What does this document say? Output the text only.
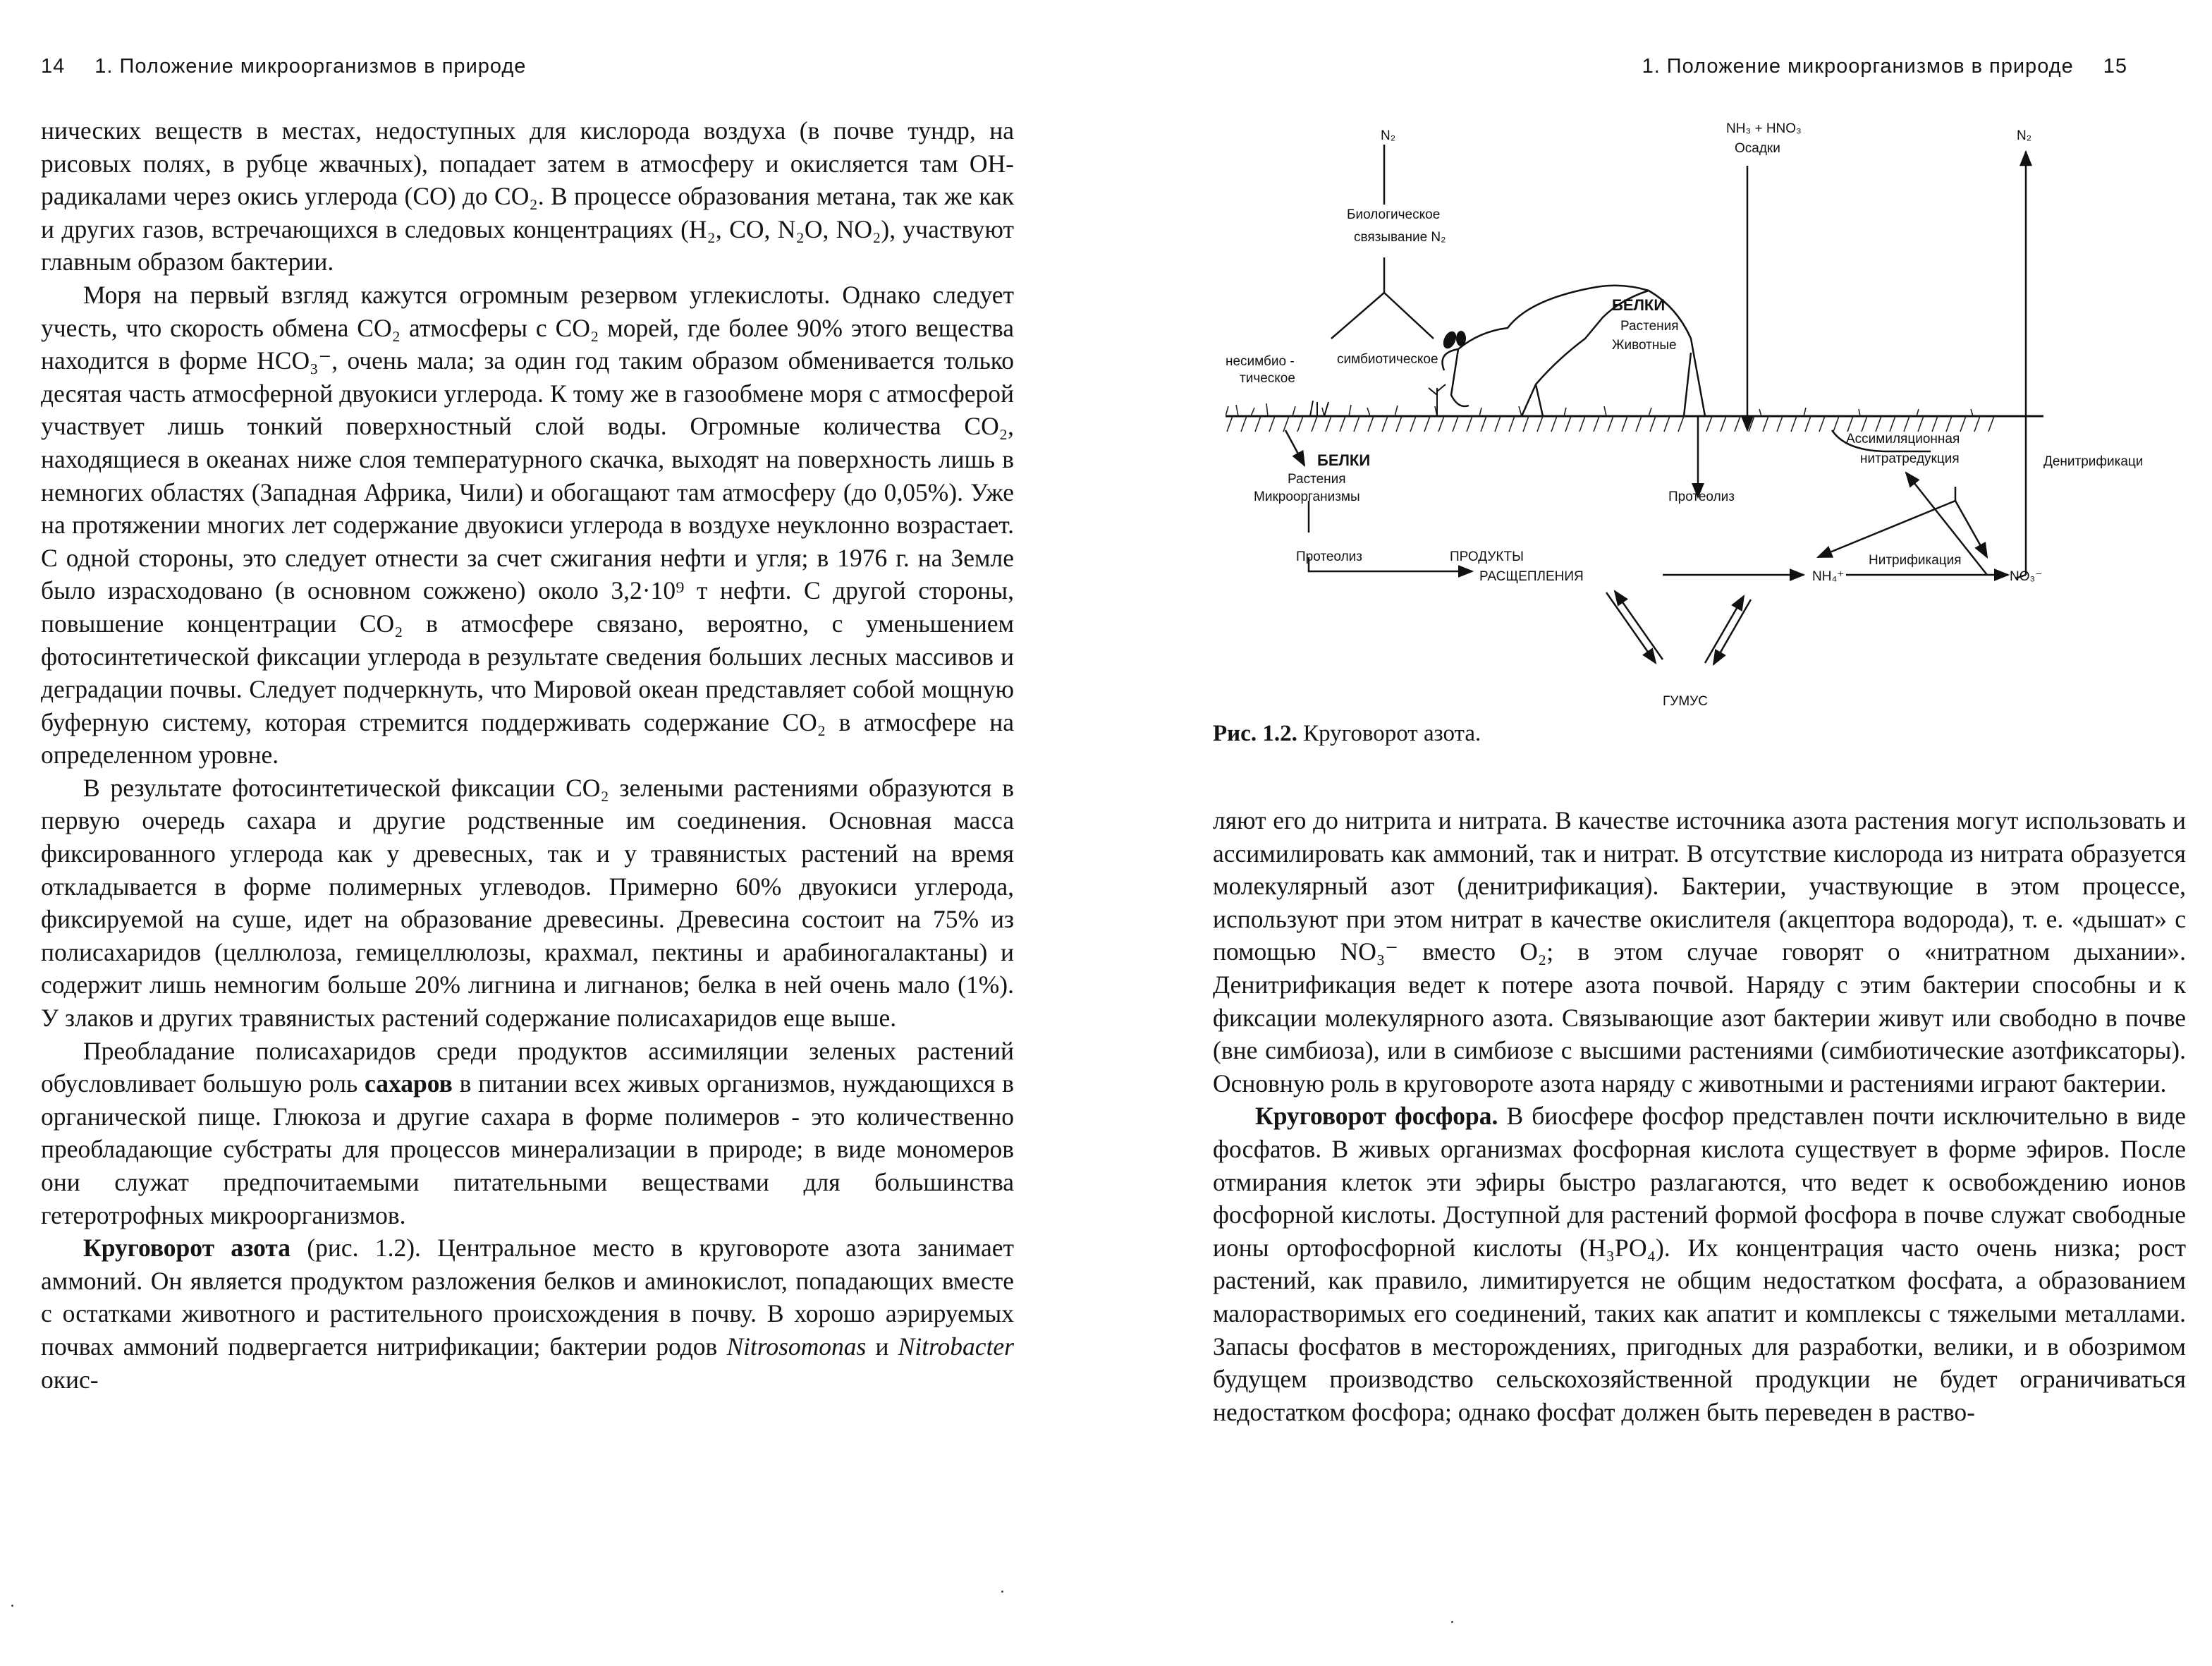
14 1. Положение микроорганизмов в природе

нических веществ в местах, недоступных для кислорода воздуха (в почве тундр, на рисовых полях, в рубце жвачных), попадает затем в атмосферу и окисляется там ОН-радикалами через окись углерода (СО) до СО₂. В процессе образования метана, так же как и других газов, встречающихся в следовых концентрациях (Н₂, СО, N₂O, NO₂), участвуют главным образом бактерии.

Моря на первый взгляд кажутся огромным резервом углекислоты. Однако следует учесть, что скорость обмена СО₂ атмосферы с СО₂ морей, где более 90% этого вещества находится в форме НСО₃⁻, очень мала; за один год таким образом обменивается только десятая часть атмосферной двуокиси углерода. К тому же в газообмене моря с атмосферой участвует лишь тонкий поверхностный слой воды. Огромные количества СО₂, находящиеся в океанах ниже слоя температурного скачка, выходят на поверхность лишь в немногих областях (Западная Африка, Чили) и обогащают там атмосферу (до 0,05%). Уже на протяжении многих лет содержание двуокиси углерода в воздухе неуклонно возрастает. С одной стороны, это следует отнести за счет сжигания нефти и угля; в 1976 г. на Земле было израсходовано (в основном сожжено) около 3,2·10⁹ т нефти. С другой стороны, повышение концентрации СО₂ в атмосфере связано, вероятно, с уменьшением фотосинтетической фиксации углерода в результате сведения больших лесных массивов и деградации почвы. Следует подчеркнуть, что Мировой океан представляет собой мощную буферную систему, которая стремится поддерживать содержание СО₂ в атмосфере на определенном уровне.

В результате фотосинтетической фиксации СО₂ зелеными растениями образуются в первую очередь сахара и другие родственные им соединения. Основная масса фиксированного углерода как у древесных, так и у травянистых растений на время откладывается в форме полимерных углеводов. Примерно 60% двуокиси углерода, фиксируемой на суше, идет на образование древесины. Древесина состоит на 75% из полисахаридов (целлюлоза, гемицеллюлозы, крахмал, пектины и арабиногалактаны) и содержит лишь немногим больше 20% лигнина и лигнанов; белка в ней очень мало (1%). У злаков и других травянистых растений содержание полисахаридов еще выше.

Преобладание полисахаридов среди продуктов ассимиляции зеленых растений обусловливает большую роль сахаров в питании всех живых организмов, нуждающихся в органической пище. Глюкоза и другие сахара в форме полимеров - это количественно преобладающие субстраты для процессов минерализации в природе; в виде мономеров они служат предпочитаемыми питательными веществами для большинства гетеротрофных микроорганизмов.

Круговорот азота (рис. 1.2). Центральное место в круговороте азота занимает аммоний. Он является продуктом разложения белков и аминокислот, попадающих вместе с остатками животного и растительного происхождения в почву. В хорошо аэрируемых почвах аммоний подвергается нитрификации; бактерии родов Nitrosomonas и Nitrobacter окис-

1. Положение микроорганизмов в природе 15
N₂	NH₃ + HNO₃
Осадки
N₂
Биологическое
связывание N₂
несимбио -
тическое
симбиотическое
БЕЛКИ
Растения
Животные
Ассимиляционная
нитратредукция	Денитрификация
БЕЛКИ
Растения
Микроорганизмы	Протеолиз
Протеолиз	ПРОДУКТЫ
РАСЩЕПЛЕНИЯ	NH₄⁺
Нитрификация
NO₃⁻
ГУМУС
Рис. 1.2. Круговорот азота.

ляют его до нитрита и нитрата. В качестве источника азота растения могут использовать и ассимилировать как аммоний, так и нитрат. В отсутствие кислорода из нитрата образуется молекулярный азот (денитрификация). Бактерии, участвующие в этом процессе, используют при этом нитрат в качестве окислителя (акцептора водорода), т. е. «дышат» с помощью NO₃⁻ вместо O₂; в этом случае говорят о «нитратном дыхании». Денитрификация ведет к потере азота почвой. Наряду с этим бактерии способны и к фиксации молекулярного азота. Связывающие азот бактерии живут или свободно в почве (вне симбиоза), или в симбиозе с высшими растениями (симбиотические азотфиксаторы). Основную роль в круговороте азота наряду с животными и растениями играют бактерии.

Круговорот фосфора. В биосфере фосфор представлен почти исключительно в виде фосфатов. В живых организмах фосфорная кислота существует в форме эфиров. После отмирания клеток эти эфиры быстро разлагаются, что ведет к освобождению ионов фосфорной кислоты. Доступной для растений формой фосфора в почве служат свободные ионы ортофосфорной кислоты (Н₃РО₄). Их концентрация часто очень низка; рост растений, как правило, лимитируется не общим недостатком фосфата, а образованием малорастворимых его соединений, таких как апатит и комплексы с тяжелыми металлами. Запасы фосфатов в месторождениях, пригодных для разработки, велики, и в обозримом будущем производство сельскохозяйственной продукции не будет ограничиваться недостатком фосфора; однако фосфат должен быть переведен в раство-
